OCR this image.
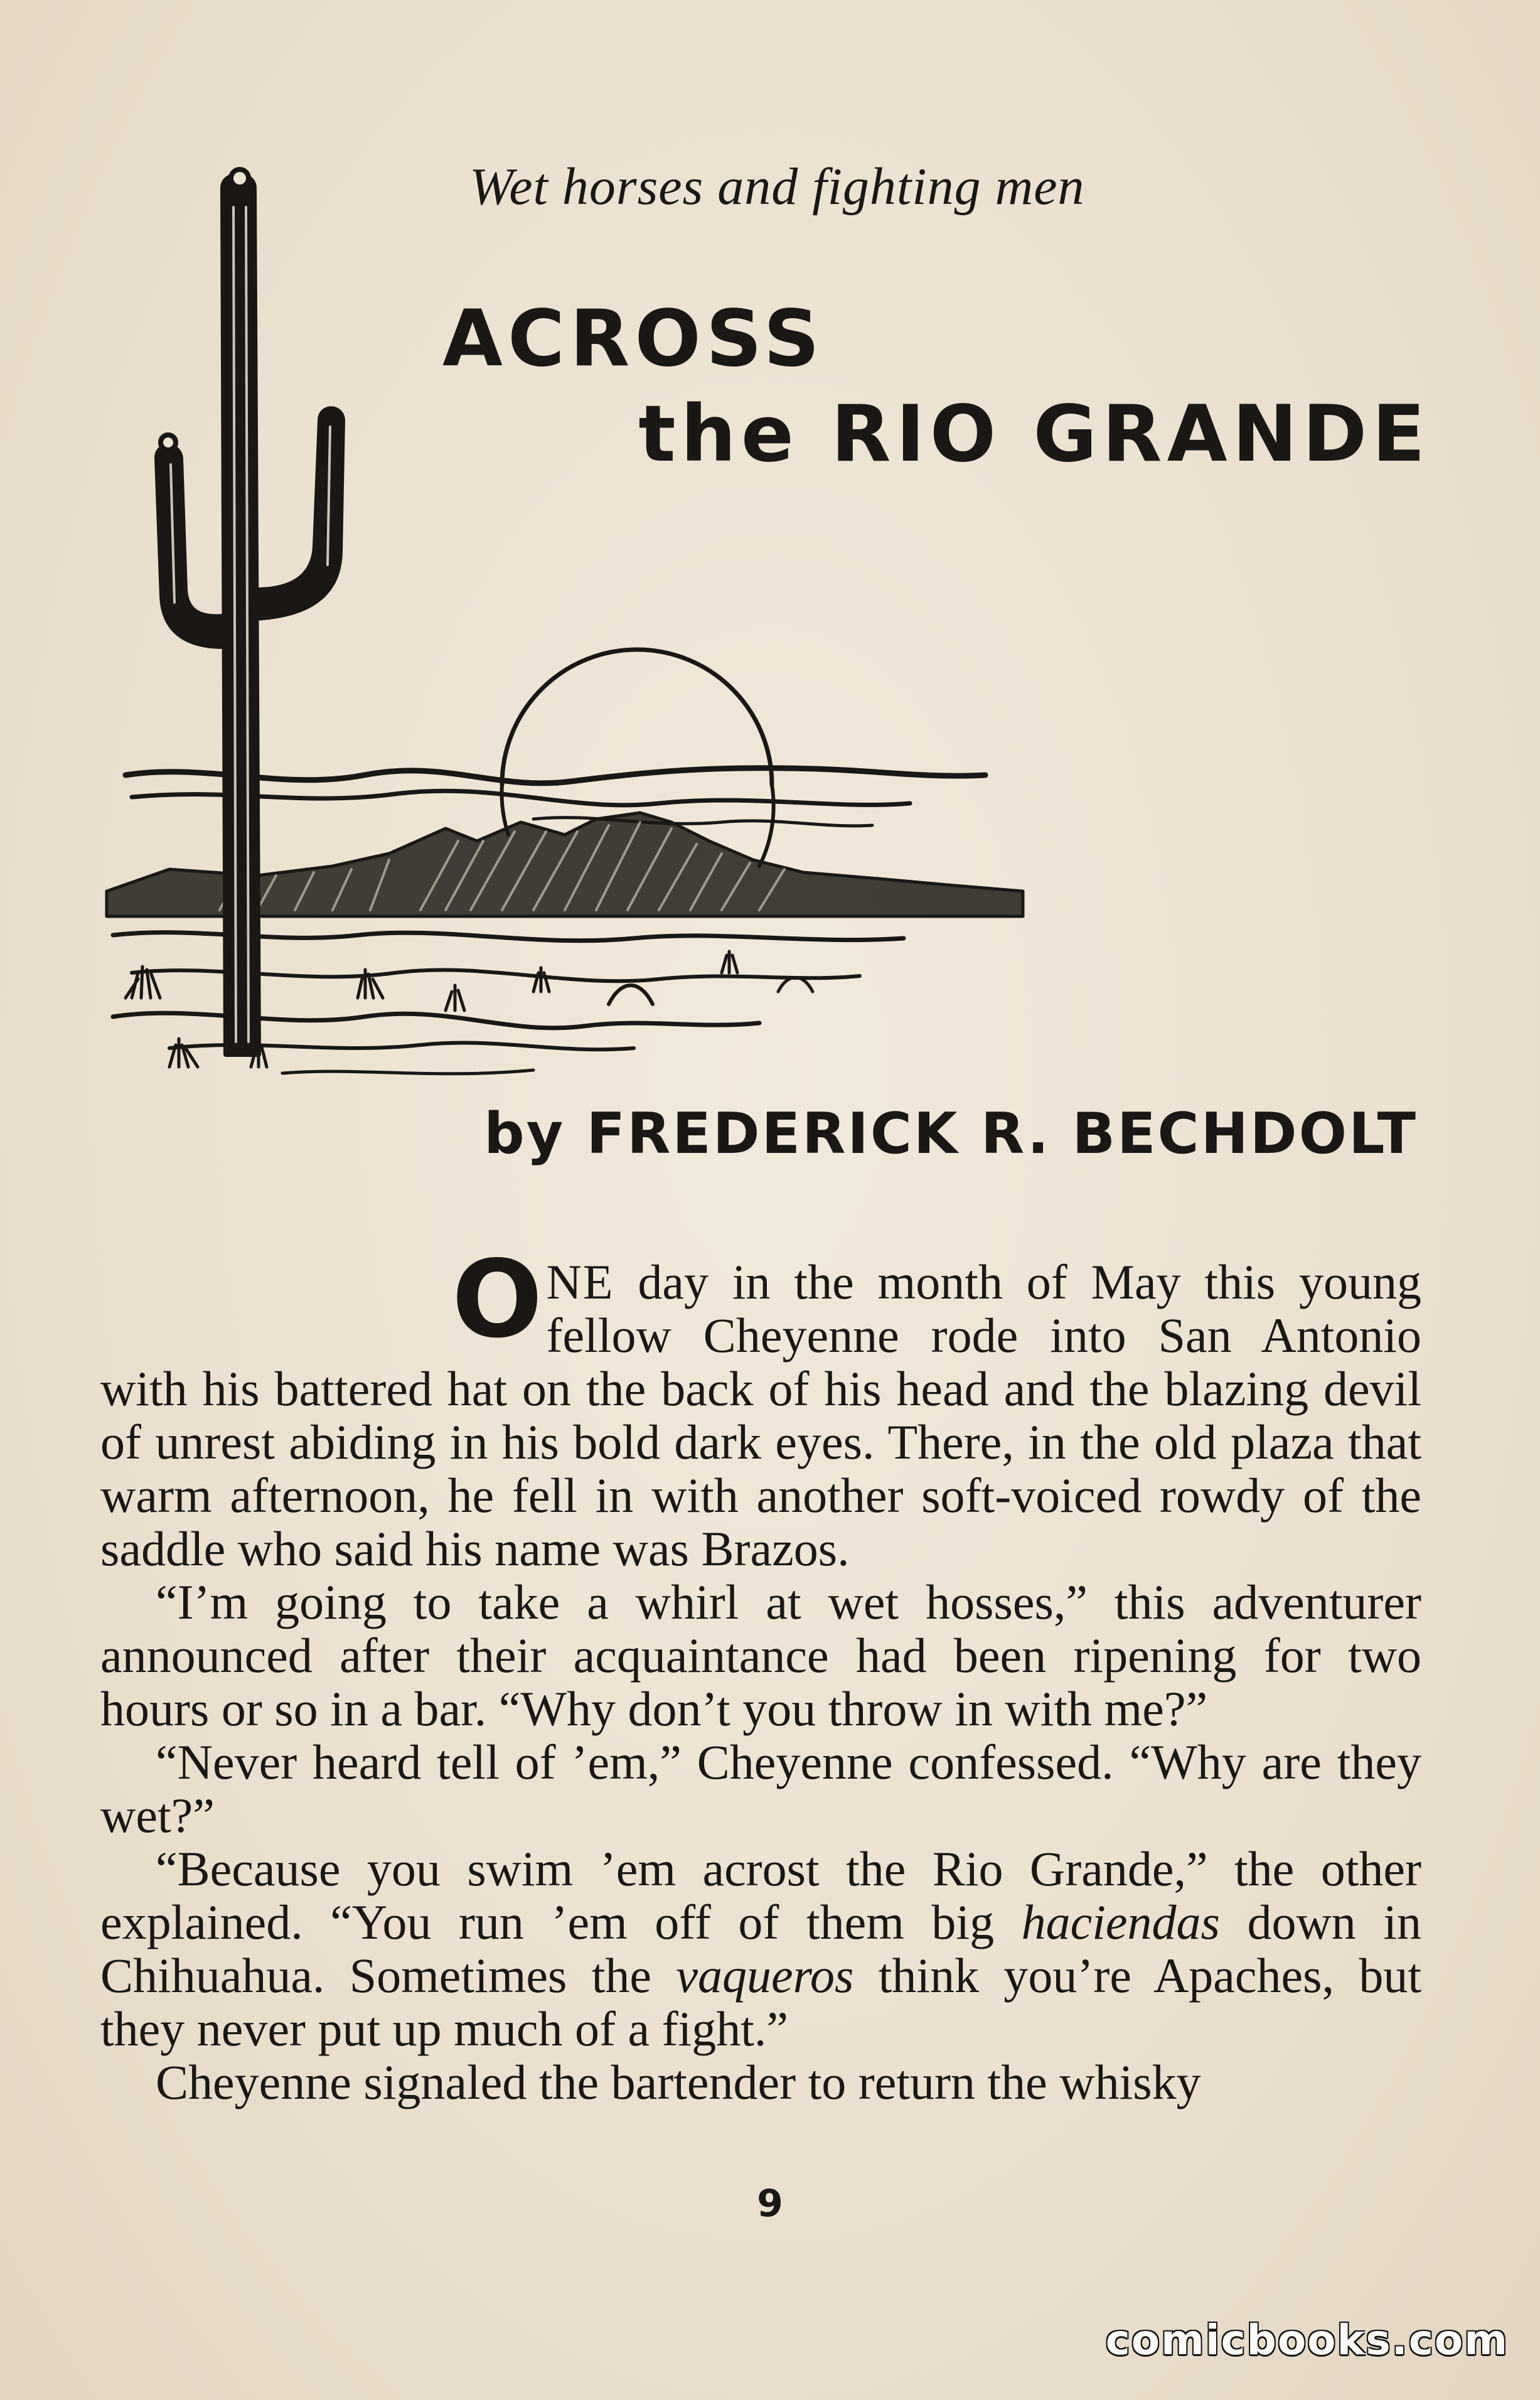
Wet horses and fighting men
ACROSS
the RIO GRANDE
by FREDERICK R. BECHDOLT

ONE day in the month of May this young fellow Cheyenne rode into San Antonio with his battered hat on the back of his head and the blazing devil of unrest abiding in his bold dark eyes. There, in the old plaza that warm afternoon, he fell in with another soft-voiced rowdy of the saddle who said his name was Brazos.

“I’m going to take a whirl at wet hosses,” this adventurer announced after their acquaintance had been ripening for two hours or so in a bar. “Why don’t you throw in with me?”

“Never heard tell of ’em,” Cheyenne confessed. “Why are they wet?”

“Because you swim ’em acrost the Rio Grande,” the other explained. “You run ’em off of them big haciendas down in Chihuahua. Sometimes the vaqueros think you’re Apaches, but they never put up much of a fight.”

Cheyenne signaled the bartender to return the whisky

9
comicbooks.com
